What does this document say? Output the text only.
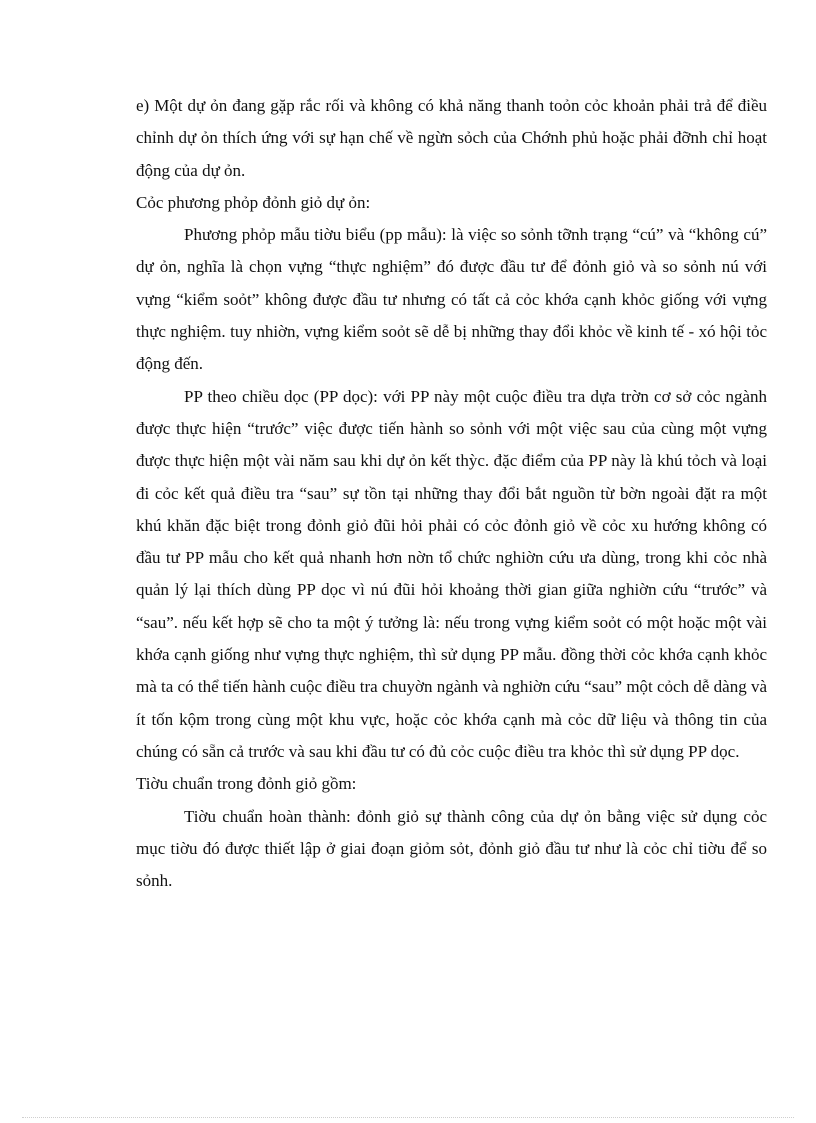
e) Một dự ỏn đang gặp rắc rối và không có khả năng thanh toỏn cỏc khoản phải trả để điều chỉnh dự ỏn thích ứng với sự hạn chế về ngừn sỏch của Chớnh phủ hoặc phải đỡnh chỉ hoạt động của dự ỏn.

Cỏc phương phỏp đỏnh giỏ dự ỏn:

Phương phỏp mẫu tiờu biểu (pp mẫu): là việc so sỏnh tỡnh trạng “cú” và “không cú” dự ỏn, nghĩa là chọn vựng “thực nghiệm” đó được đầu tư để đỏnh giỏ và so sỏnh nú với vựng “kiểm soỏt” không được đầu tư nhưng có tất cả cỏc khớa cạnh khỏc giống với vựng thực nghiệm. tuy nhiờn, vựng kiểm soỏt sẽ dễ bị những thay đổi khỏc về kinh tế - xó hội tỏc động đến.

PP theo chiều dọc (PP dọc): với PP này một cuộc điều tra dựa trờn cơ sở cỏc ngành được thực hiện “trước” việc được tiến hành so sỏnh với một việc sau của cùng một vựng được thực hiện một vài năm sau khi dự ỏn kết thỳc. đặc điểm của PP này là khú tỏch và loại đi cỏc kết quả điều tra “sau” sự tồn tại những thay đổi bắt nguồn từ bờn ngoài đặt ra một khú khăn đặc biệt trong đỏnh giỏ đũi hỏi phải có cỏc đỏnh giỏ về cỏc xu hướng không có đầu tư PP mẫu cho kết quả nhanh hơn nờn tổ chức nghiờn cứu ưa dùng, trong khi cỏc nhà quản lý lại thích dùng PP dọc vì nú đũi hỏi khoảng thời gian giữa nghiờn cứu “trước” và “sau”. nếu kết hợp sẽ cho ta một ý tưởng là: nếu trong vựng kiểm soỏt có một hoặc một vài khớa cạnh giống như vựng thực nghiệm, thì sử dụng PP mẫu. đồng thời cỏc khớa cạnh khỏc mà ta có thể tiến hành cuộc điều tra chuyờn ngành và nghiờn cứu “sau” một cỏch dễ dàng và ít tốn kộm trong cùng một khu vực, hoặc cỏc khớa cạnh mà cỏc dữ liệu và thông tin của chúng có sẵn cả trước và sau khi đầu tư có đủ cỏc cuộc điều tra khỏc thì sử dụng PP dọc.

Tiờu chuẩn trong đỏnh giỏ gồm:

Tiờu chuẩn hoàn thành: đỏnh giỏ sự thành công của dự ỏn bằng việc sử dụng cỏc mục tiờu đó được thiết lập ở giai đoạn giỏm sỏt, đỏnh giỏ đầu tư như là cỏc chỉ tiờu để so sỏnh.
